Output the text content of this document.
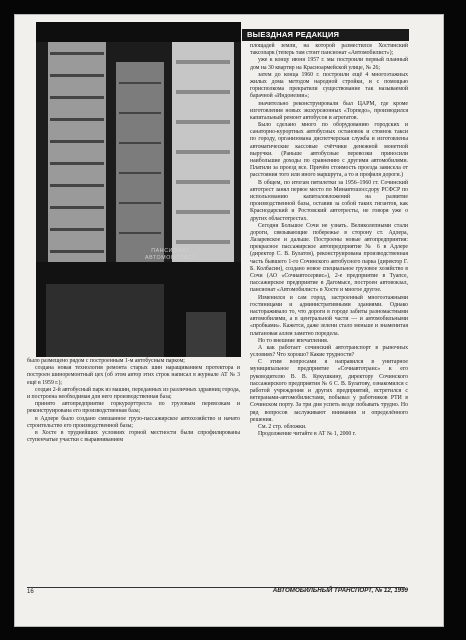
ПАНСИОНАТ
АВТОМОБИЛИСТ
ВЫЕЗДНАЯ РЕДАКЦИЯ

площадей земли, на которой разместился Хостинский таксопарк (теперь там стоит пансионат «Автомобилист»);

уже к концу июня 1957 г. мы построили первый планный дом на 30 квартир на Красноармейской улице, № 26;

затем до конца 1960 г. построили ещё 4 многоэтажных жилых дома методом народной стройки, и с помощью горисполкома прекратили существование так называемой барачной «Индонезии»;

значительно реконструировали был ЦАРМ, где кроме изготовления новых экскурсионных «Торпедо», производился капитальный ремонт автобусов и агрегатов.

Было сделано много по оборудованию городских и санаторно-курортных автобусных остановок и стоянок такси по городу, организована диспетчерская служба и изготовлены автоматические кассовые счётчики денежной монетной выручки. (Раньше автобусные перевозки приносили наибольшие доходы по сравнению с другими автомобилями. Платили за проезд все. Причём стоимость проезда зависела от расстояния того или иного маршрута, а то и профиля дороги.)

В общем, по итогам пятилетки за 1956–1960 гг. Сочинский автотрест занял первое место по Минавтошоссдору РСФСР по использованию капиталовложений на развитие производственной базы, оставив за собой таких гигантов, как Краснодарский и Ростовский автотресты, не говоря уже о других областотрестах.

Сегодня Большое Сочи не узнать. Великолепными стали дороги, связывающие побережье в сторону ст. Адлера, Лазаревское и дальше. Построены новые автопредприятия: прекрасное пассажирское автопредприятие № 6 в Адлере (директор С. В. Булатов), реконструирована производственная часть бывшего 1-го Сочинского автобусного парка (директор Г. Б. Колбасин), создано новое специальное грузовое хозяйство в Сочи (АО «Сочиавтосервис»), 2-е предприятие в Туапсе, пассажирское предприятие в Дагомысе, построен автовокзал, пансионат «Автомобилист» в Хосте и многое другое.

Изменился и сам город, застроенный многоэтажными гостиницами и административными зданиями. Однако настораживало то, что дороги в городе забиты разномастными автомобилями, а в центральной части — и автомобильными «пробками». Кажется, даже зелени стало меньше и знаменитая платановая аллея заметно поредела.

Но то внешние впечатления.

А как работает сочинский автотранспорт в рыночных условиях? Что хорошо? Какие трудности?

С этим вопросами я направился в унитарное муниципальное предприятие «Сочиавтотранс» к его руководителю В. В. Кукушкину, директору Сочинского пассажирского предприятия № 6 С. В. Булатову, ознакомился с работой учреждения и других предприятий, встретился с ветеранами-автомобилистами, побывал у работников РТИ в Сочинском порту. За три дня успеть везде побывать трудно. Но ряд вопросов заслуживают внимания и определённого решения.

См. 2 стр. обложки.

Продолжение читайте в АТ № 1, 2000 г.

было размещено рядом с построенным 1-м автобусным парком;

создана новая технология ремонта старых шин наращиванием протектора и построен шиноремонтный цех (об этом автор этих строк написал в журнале АТ № 3 ещё в 1959 г.);

создан 2-й автобусный парк из машин, переданных из различных здравниц города, и построена необходимая для него производственная база;

принято автопредприятие горкурорттреста по грузовым перевозкам и реконструирована его производственная база;

в Адлере было создано смешанное грузо-пассажирское автохозяйство и начато строительство его производственной базы;

в Хосте в труднейших условиях горной местности были спрофилированы ступенчатые участки с выравниванием

16	АВТОМОБИЛЬНЫЙ ТРАНСПОРТ, № 12, 1999
